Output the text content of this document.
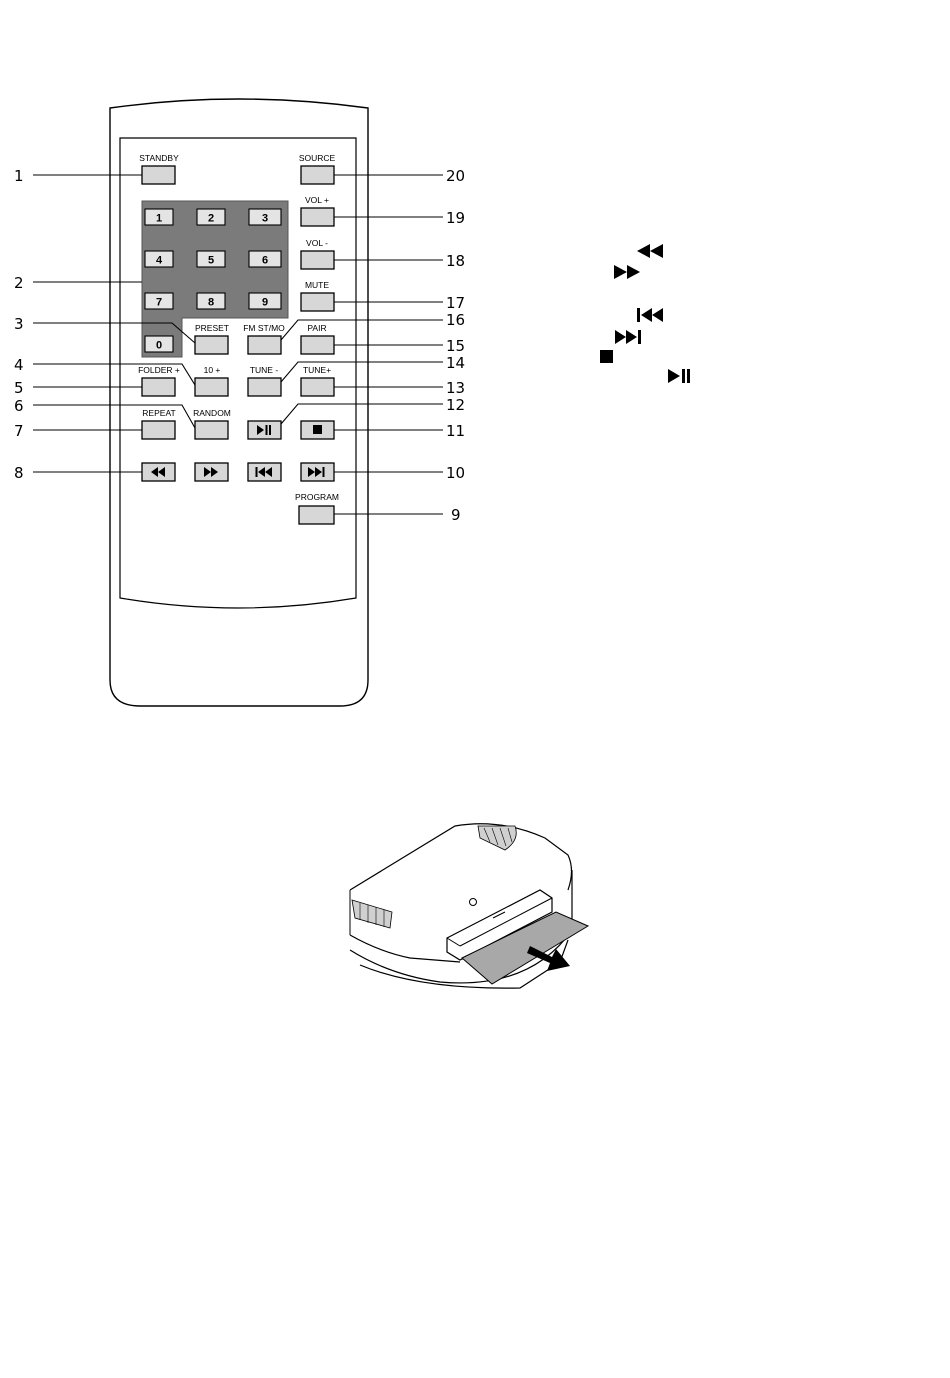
1	2	3
4	5	6
7	8	9
0
STANDBY	SOURCE
VOL +
VOL -
MUTE
PRESET FM ST/MO	PAIR
FOLDER +	10 +	TUNE -	TUNE+
REPEAT RANDOM
PROGRAM
1
2
3
4
5
6
7
8
9
10
11
12
13
14
15
16
17
18
19
20
